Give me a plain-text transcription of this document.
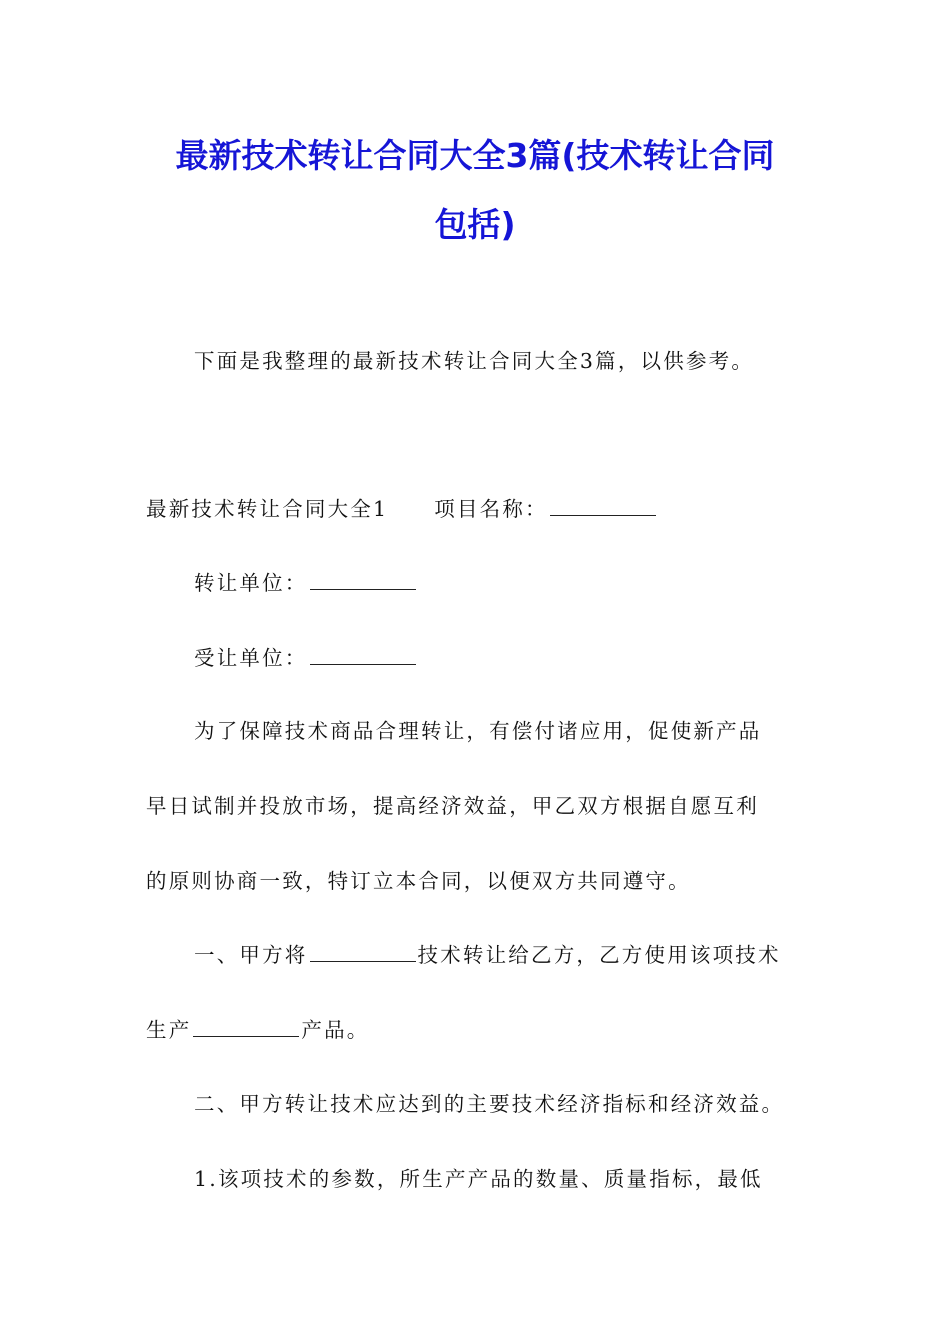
最新技术转让合同大全3篇(技术转让合同
包括)
下面是我整理的最新技术转让合同大全3篇，以供参考。
最新技术转让合同大全1 项目名称：
转让单位：
受让单位：
为了保障技术商品合理转让，有偿付诸应用，促使新产品
早日试制并投放市场，提高经济效益，甲乙双方根据自愿互利
的原则协商一致，特订立本合同，以便双方共同遵守。
一、甲方将	技术转让给乙方，乙方使用该项技术
生产	产品。
二、甲方转让技术应达到的主要技术经济指标和经济效益。
1.该项技术的参数，所生产产品的数量、质量指标，最低
